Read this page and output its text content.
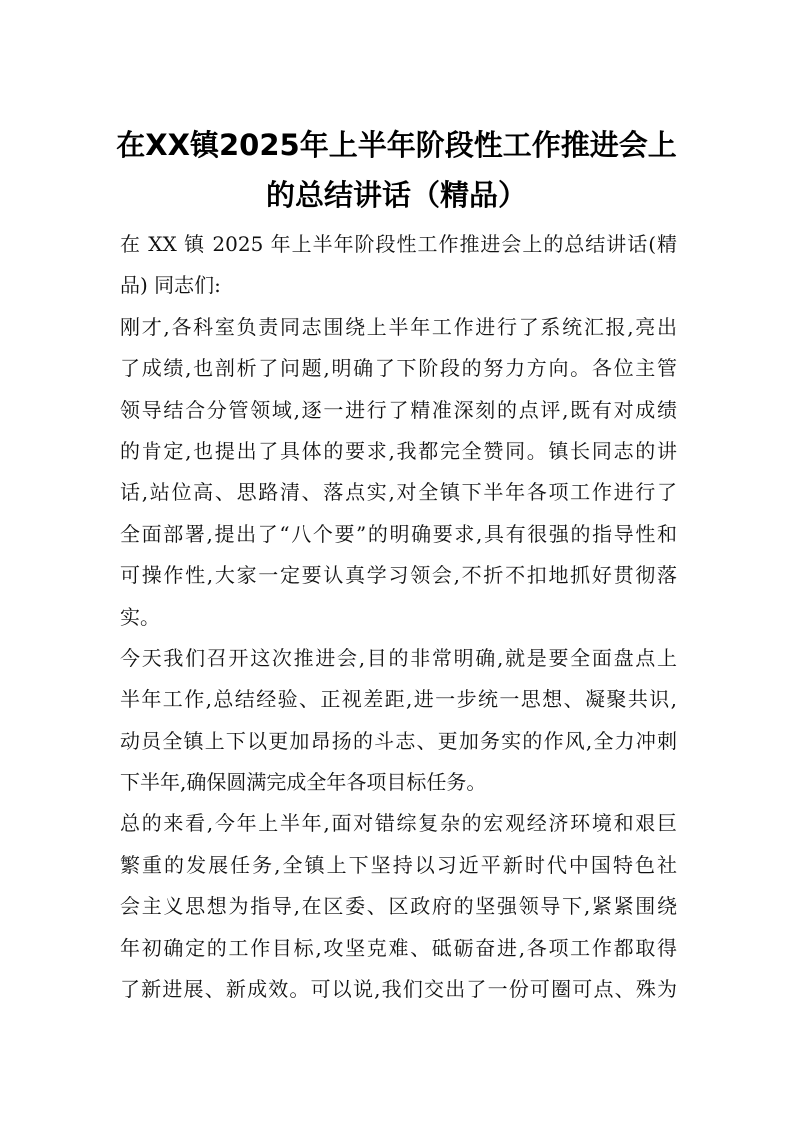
在XX镇2025年上半年阶段性工作推进会上
的总结讲话（精品）
在 XX 镇 2025 年上半年阶段性工作推进会上的总结讲话(精
品) 同志们:
刚才,各科室负责同志围绕上半年工作进行了系统汇报,亮出
了成绩,也剖析了问题,明确了下阶段的努力方向。各位主管
领导结合分管领域,逐一进行了精准深刻的点评,既有对成绩
的肯定,也提出了具体的要求,我都完全赞同。镇长同志的讲
话,站位高、思路清、落点实,对全镇下半年各项工作进行了
全面部署,提出了“八个要”的明确要求,具有很强的指导性和
可操作性,大家一定要认真学习领会,不折不扣地抓好贯彻落
实。
今天我们召开这次推进会,目的非常明确,就是要全面盘点上
半年工作,总结经验、正视差距,进一步统一思想、凝聚共识,
动员全镇上下以更加昂扬的斗志、更加务实的作风,全力冲刺
下半年,确保圆满完成全年各项目标任务。
总的来看,今年上半年,面对错综复杂的宏观经济环境和艰巨
繁重的发展任务,全镇上下坚持以习近平新时代中国特色社
会主义思想为指导,在区委、区政府的坚强领导下,紧紧围绕
年初确定的工作目标,攻坚克难、砥砺奋进,各项工作都取得
了新进展、新成效。可以说,我们交出了一份可圈可点、殊为
